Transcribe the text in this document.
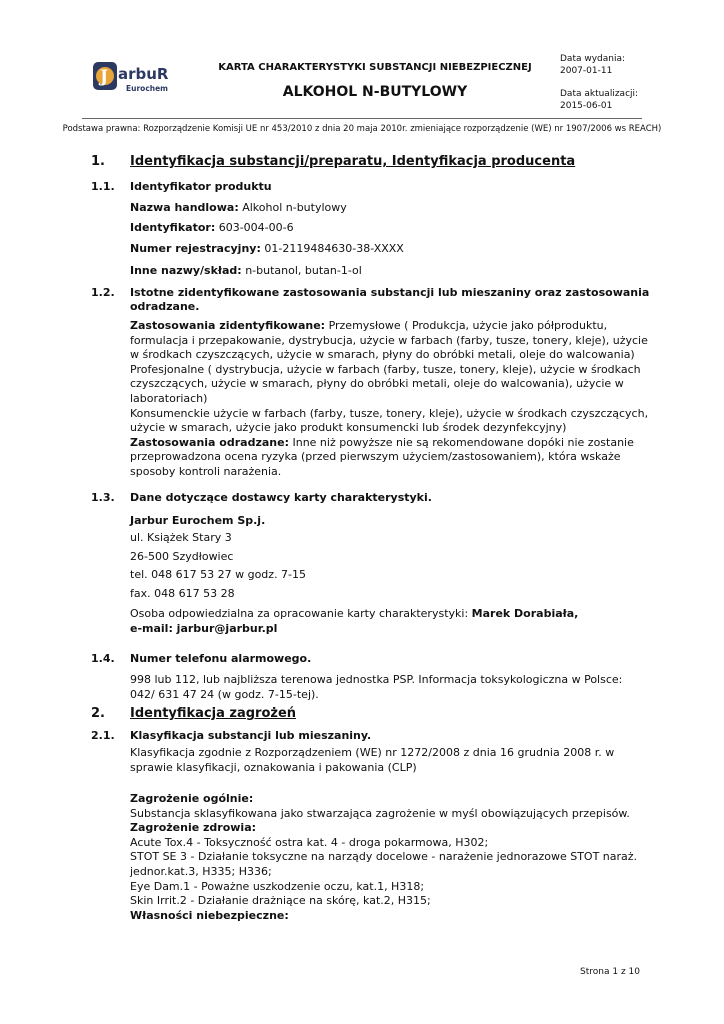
J arbuR
Eurochem
KARTA CHARAKTERYSTYKI SUBSTANCJI NIEBEZPIECZNEJ
ALKOHOL N-BUTYLOWY
Data wydania:
2007-01-11
Data aktualizacji:
2015-06-01
Podstawa prawna: Rozporządzenie Komisji UE nr 453/2010 z dnia 20 maja 2010r. zmieniające rozporządzenie (WE) nr 1907/2006 ws REACH)
1. Identyfikacja substancji/preparatu, Identyfikacja producenta
1.1. Identyfikator produktu
Nazwa handlowa: Alkohol n-butylowy
Identyfikator: 603-004-00-6
Numer rejestracyjny: 01-2119484630-38-XXXX
Inne nazwy/skład: n-butanol, butan-1-ol
1.2. Istotne zidentyfikowane zastosowania substancji lub mieszaniny oraz zastosowania odradzane.
Zastosowania zidentyfikowane: Przemysłowe ( Produkcja, użycie jako półproduktu, formulacja i przepakowanie, dystrybucja, użycie w farbach (farby, tusze, tonery, kleje), użycie w środkach czyszczących, użycie w smarach, płyny do obróbki metali, oleje do walcowania)
Profesjonalne ( dystrybucja, użycie w farbach (farby, tusze, tonery, kleje), użycie w środkach czyszczących, użycie w smarach, płyny do obróbki metali, oleje do walcowania), użycie w laboratoriach)
Konsumenckie użycie w farbach (farby, tusze, tonery, kleje), użycie w środkach czyszczących, użycie w smarach, użycie jako produkt konsumencki lub środek dezynfekcyjny)
Zastosowania odradzane: Inne niż powyższe nie są rekomendowane dopóki nie zostanie przeprowadzona ocena ryzyka (przed pierwszym użyciem/zastosowaniem), która wskaże sposoby kontroli narażenia.
1.3. Dane dotyczące dostawcy karty charakterystyki.
Jarbur Eurochem Sp.j.
ul. Książek Stary 3
26-500 Szydłowiec
tel. 048 617 53 27 w godz. 7-15
fax. 048 617 53 28
Osoba odpowiedzialna za opracowanie karty charakterystyki: Marek Dorabiała,
e-mail: jarbur@jarbur.pl
1.4. Numer telefonu alarmowego.
998 lub 112, lub najbliższa terenowa jednostka PSP. Informacja toksykologiczna w Polsce: 042/ 631 47 24 (w godz. 7-15-tej).
2. Identyfikacja zagrożeń
2.1. Klasyfikacja substancji lub mieszaniny.
Klasyfikacja zgodnie z Rozporządzeniem (WE) nr 1272/2008 z dnia 16 grudnia 2008 r. w sprawie klasyfikacji, oznakowania i pakowania (CLP)
Zagrożenie ogólnie:
Substancja sklasyfikowana jako stwarzająca zagrożenie w myśl obowiązujących przepisów.
Zagrożenie zdrowia:
Acute Tox.4 - Toksyczność ostra kat. 4 - droga pokarmowa, H302;
STOT SE 3 - Działanie toksyczne na narządy docelowe - narażenie jednorazowe STOT naraż. jednor.kat.3, H335; H336;
Eye Dam.1 - Poważne uszkodzenie oczu, kat.1, H318;
Skin Irrit.2 - Działanie drażniące na skórę, kat.2, H315;
Własności niebezpieczne:
Strona 1 z 10
